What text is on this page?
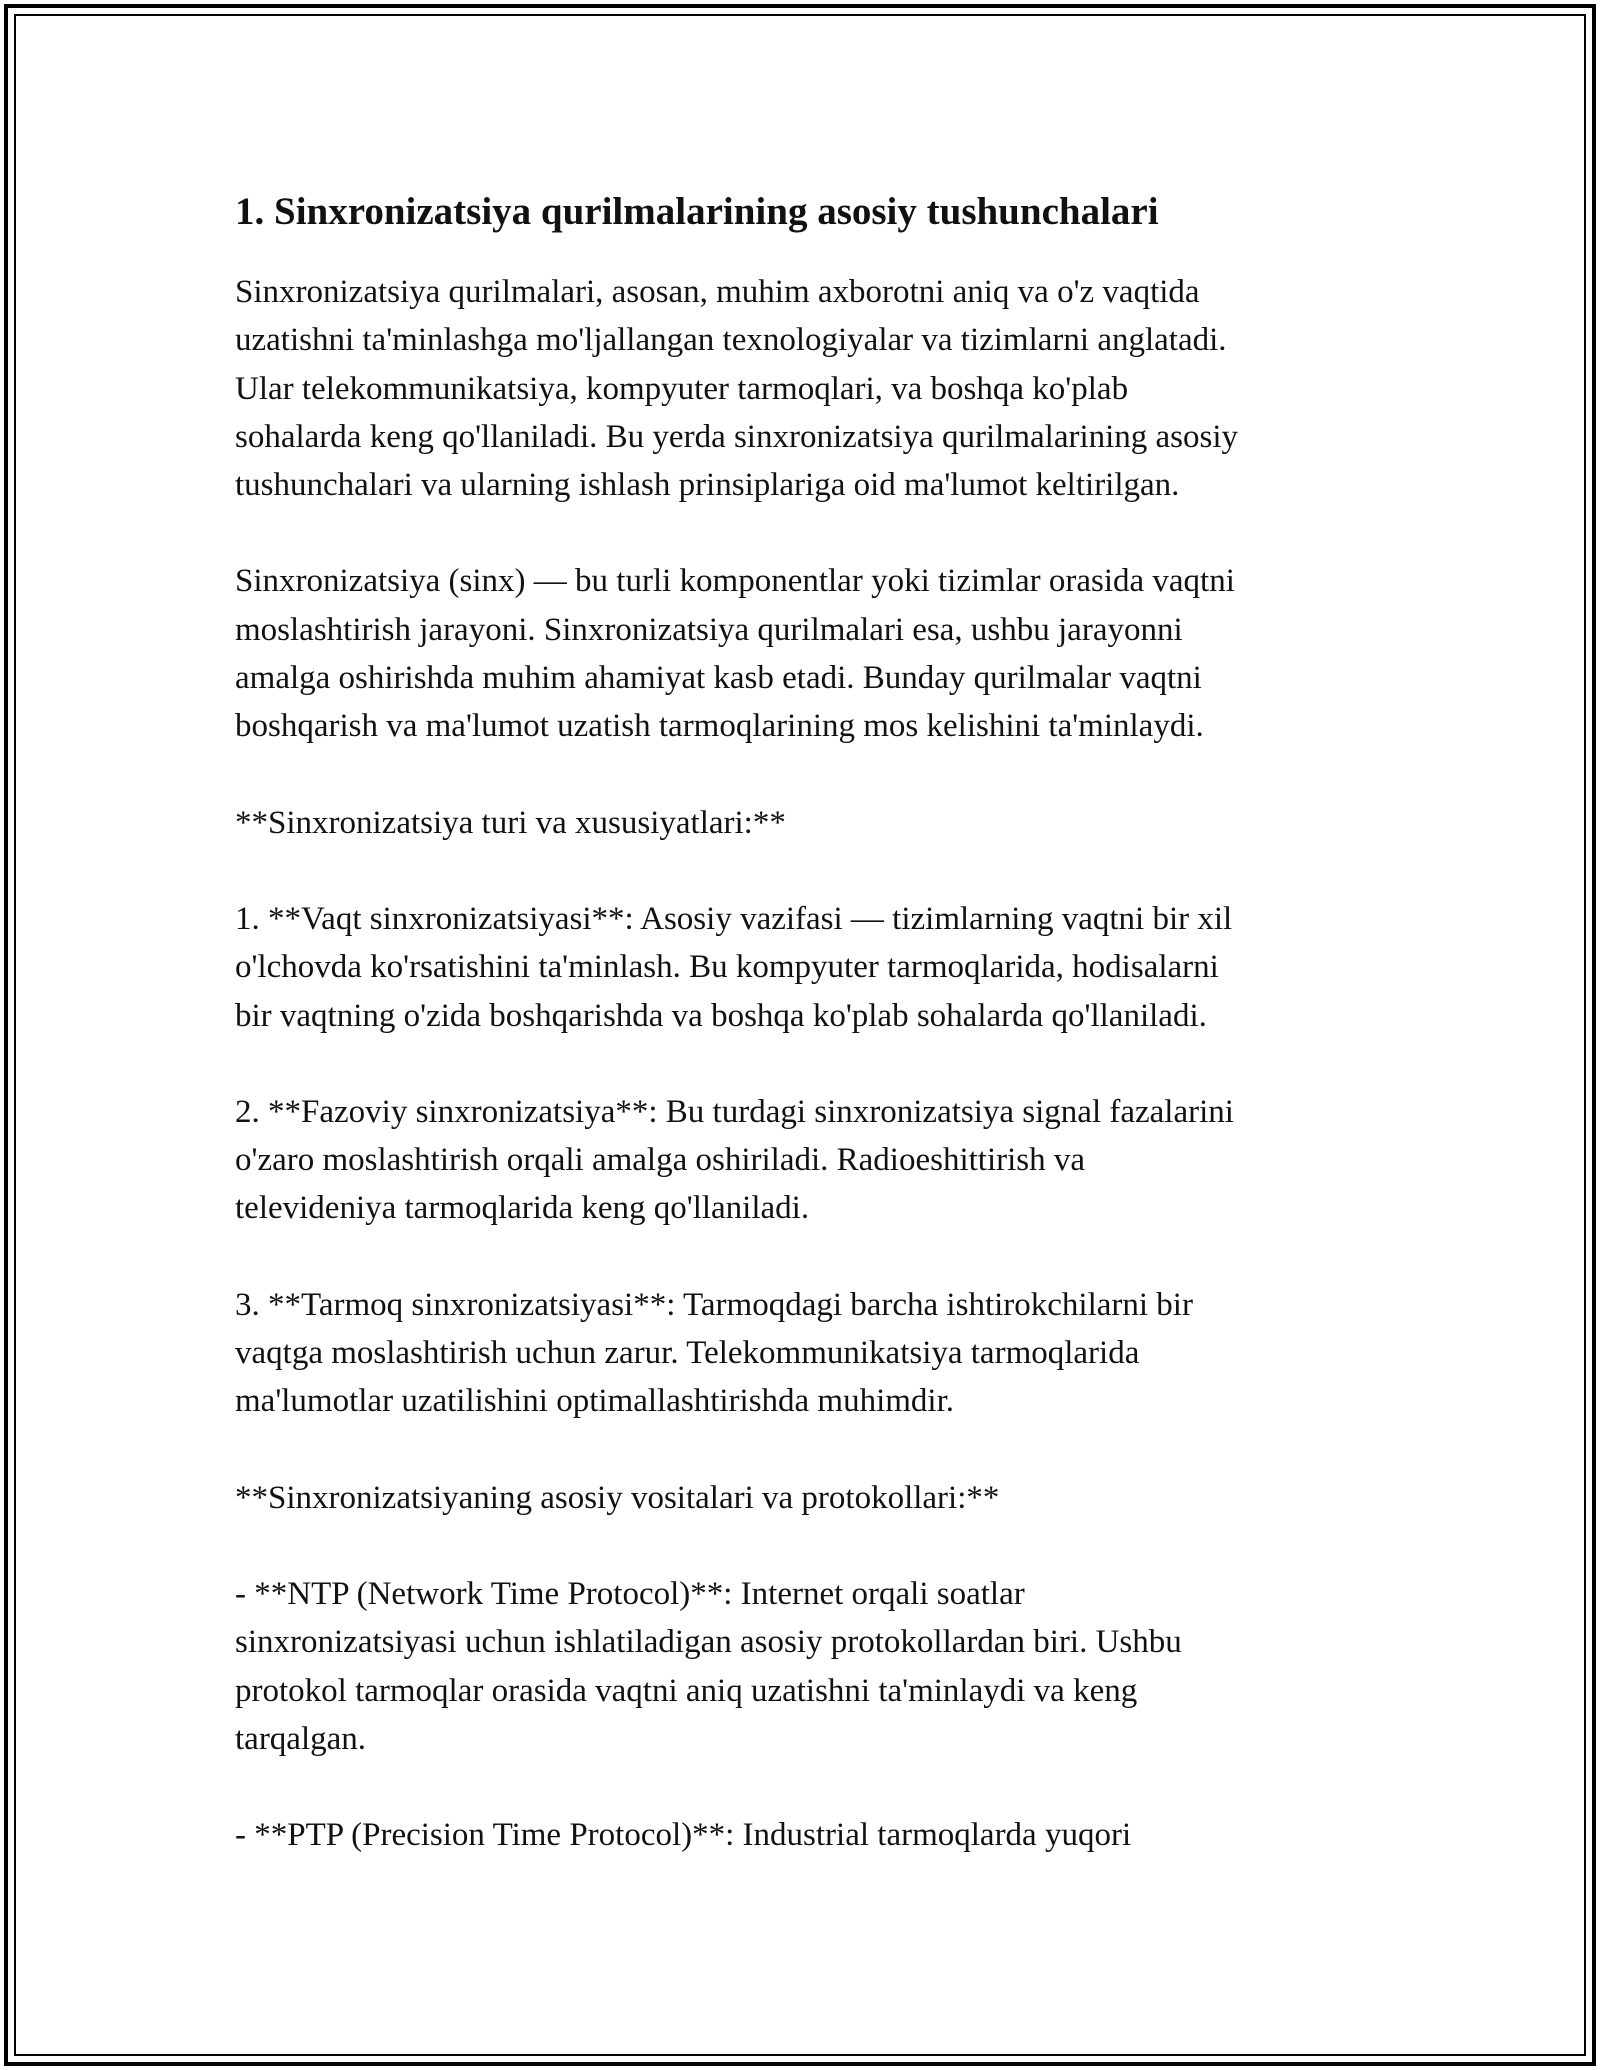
1. Sinxronizatsiya qurilmalarining asosiy tushunchalari

Sinxronizatsiya qurilmalari, asosan, muhim axborotni aniq va o'z vaqtida
uzatishni ta'minlashga mo'ljallangan texnologiyalar va tizimlarni anglatadi.
Ular telekommunikatsiya, kompyuter tarmoqlari, va boshqa ko'plab
sohalarda keng qo'llaniladi. Bu yerda sinxronizatsiya qurilmalarining asosiy
tushunchalari va ularning ishlash prinsiplariga oid ma'lumot keltirilgan.

Sinxronizatsiya (sinx) — bu turli komponentlar yoki tizimlar orasida vaqtni
moslashtirish jarayoni. Sinxronizatsiya qurilmalari esa, ushbu jarayonni
amalga oshirishda muhim ahamiyat kasb etadi. Bunday qurilmalar vaqtni
boshqarish va ma'lumot uzatish tarmoqlarining mos kelishini ta'minlaydi.

**Sinxronizatsiya turi va xususiyatlari:**

1. **Vaqt sinxronizatsiyasi**: Asosiy vazifasi — tizimlarning vaqtni bir xil
o'lchovda ko'rsatishini ta'minlash. Bu kompyuter tarmoqlarida, hodisalarni
bir vaqtning o'zida boshqarishda va boshqa ko'plab sohalarda qo'llaniladi.

2. **Fazoviy sinxronizatsiya**: Bu turdagi sinxronizatsiya signal fazalarini
o'zaro moslashtirish orqali amalga oshiriladi. Radioeshittirish va
televideniya tarmoqlarida keng qo'llaniladi.

3. **Tarmoq sinxronizatsiyasi**: Tarmoqdagi barcha ishtirokchilarni bir
vaqtga moslashtirish uchun zarur. Telekommunikatsiya tarmoqlarida
ma'lumotlar uzatilishini optimallashtirishda muhimdir.

**Sinxronizatsiyaning asosiy vositalari va protokollari:**

- **NTP (Network Time Protocol)**: Internet orqali soatlar
sinxronizatsiyasi uchun ishlatiladigan asosiy protokollardan biri. Ushbu
protokol tarmoqlar orasida vaqtni aniq uzatishni ta'minlaydi va keng
tarqalgan.

- **PTP (Precision Time Protocol)**: Industrial tarmoqlarda yuqori
